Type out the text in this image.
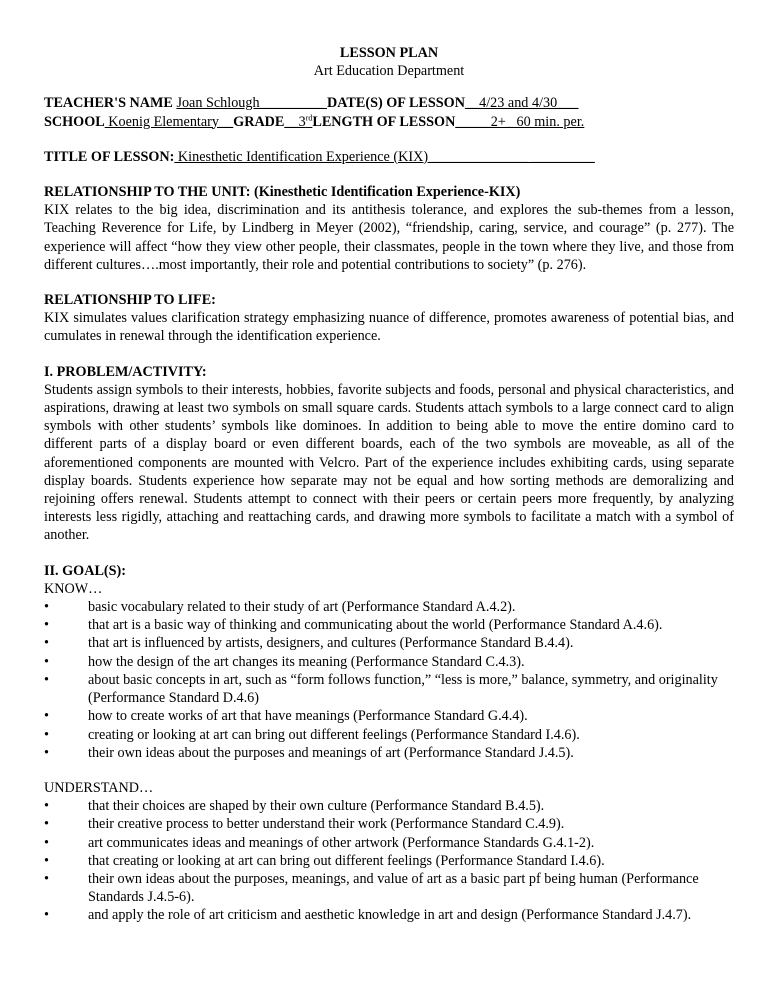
LESSON PLAN
Art Education Department
TEACHER'S NAME Joan Schlough_________ DATE(S) OF LESSON__4/23 and 4/30___
SCHOOL Koenig Elementary__GRADE__3rdLENGTH OF LESSON_____2+_ 60 min. per.
TITLE OF LESSON: Kinesthetic Identification Experience (KIX)______________ _________
RELATIONSHIP TO THE UNIT: (Kinesthetic Identification Experience-KIX)

KIX relates to the big idea, discrimination and its antithesis tolerance, and explores the sub-themes from a lesson, Teaching Reverence for Life, by Lindberg in Meyer (2002), “friendship, caring, service, and courage” (p. 277). The experience will affect “how they view other people, their classmates, people in the town where they live, and those from different cultures….most importantly, their role and potential contributions to society” (p. 276).

RELATIONSHIP TO LIFE:

KIX simulates values clarification strategy emphasizing nuance of difference, promotes awareness of potential bias, and cumulates in renewal through the identification experience.

I. PROBLEM/ACTIVITY:

Students assign symbols to their interests, hobbies, favorite subjects and foods, personal and physical characteristics, and aspirations, drawing at least two symbols on small square cards. Students attach symbols to a large connect card to align symbols with other students’ symbols like dominoes. In addition to being able to move the entire domino card to different parts of a display board or even different boards, each of the two symbols are moveable, as all of the aforementioned components are mounted with Velcro. Part of the experience includes exhibiting cards, using separate display boards. Students experience how separate may not be equal and how sorting methods are demoralizing and rejoining offers renewal. Students attempt to connect with their peers or certain peers more frequently, by analyzing interests less rigidly, attaching and reattaching cards, and drawing more symbols to facilitate a match with a symbol of another.

II. GOAL(S):
KNOW…
•	basic vocabulary related to their study of art (Performance Standard A.4.2).
•	that art is a basic way of thinking and communicating about the world (Performance Standard A.4.6).
•	that art is influenced by artists, designers, and cultures (Performance Standard B.4.4).
•	how the design of the art changes its meaning (Performance Standard C.4.3).
•	about basic concepts in art, such as “form follows function,” “less is more,” balance, symmetry, and originality (Performance Standard D.4.6)
•	how to create works of art that have meanings (Performance Standard G.4.4).
•	creating or looking at art can bring out different feelings (Performance Standard I.4.6).
•	their own ideas about the purposes and meanings of art (Performance Standard J.4.5).
UNDERSTAND…
•	that their choices are shaped by their own culture (Performance Standard B.4.5).
•	their creative process to better understand their work (Performance Standard C.4.9).
•	art communicates ideas and meanings of other artwork (Performance Standards G.4.1-2).
•	that creating or looking at art can bring out different feelings (Performance Standard I.4.6).
•	their own ideas about the purposes, meanings, and value of art as a basic part pf being human (Performance Standards J.4.5-6).
•	and apply the role of art criticism and aesthetic knowledge in art and design (Performance Standard J.4.7).
